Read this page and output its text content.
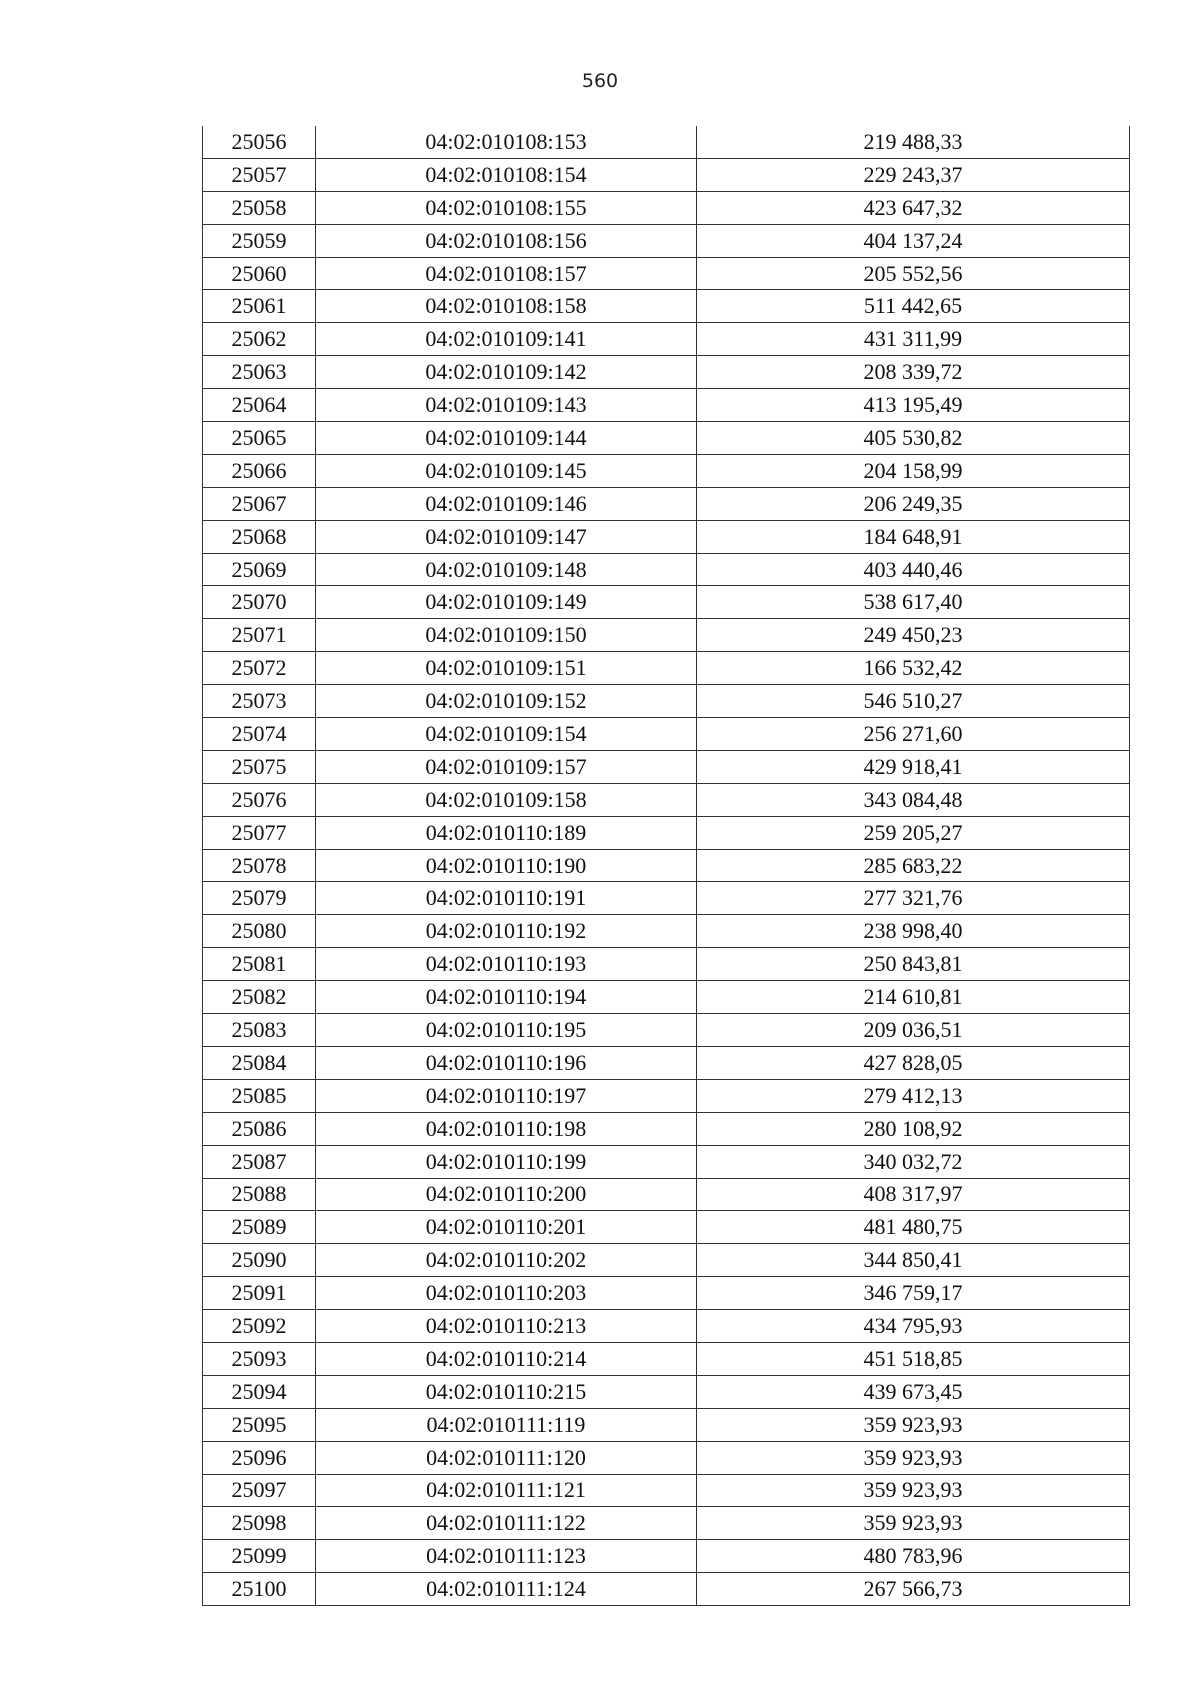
560
25056	04:02:010108:153	219 488,33
25057	04:02:010108:154	229 243,37
25058	04:02:010108:155	423 647,32
25059	04:02:010108:156	404 137,24
25060	04:02:010108:157	205 552,56
25061	04:02:010108:158	511 442,65
25062	04:02:010109:141	431 311,99
25063	04:02:010109:142	208 339,72
25064	04:02:010109:143	413 195,49
25065	04:02:010109:144	405 530,82
25066	04:02:010109:145	204 158,99
25067	04:02:010109:146	206 249,35
25068	04:02:010109:147	184 648,91
25069	04:02:010109:148	403 440,46
25070	04:02:010109:149	538 617,40
25071	04:02:010109:150	249 450,23
25072	04:02:010109:151	166 532,42
25073	04:02:010109:152	546 510,27
25074	04:02:010109:154	256 271,60
25075	04:02:010109:157	429 918,41
25076	04:02:010109:158	343 084,48
25077	04:02:010110:189	259 205,27
25078	04:02:010110:190	285 683,22
25079	04:02:010110:191	277 321,76
25080	04:02:010110:192	238 998,40
25081	04:02:010110:193	250 843,81
25082	04:02:010110:194	214 610,81
25083	04:02:010110:195	209 036,51
25084	04:02:010110:196	427 828,05
25085	04:02:010110:197	279 412,13
25086	04:02:010110:198	280 108,92
25087	04:02:010110:199	340 032,72
25088	04:02:010110:200	408 317,97
25089	04:02:010110:201	481 480,75
25090	04:02:010110:202	344 850,41
25091	04:02:010110:203	346 759,17
25092	04:02:010110:213	434 795,93
25093	04:02:010110:214	451 518,85
25094	04:02:010110:215	439 673,45
25095	04:02:010111:119	359 923,93
25096	04:02:010111:120	359 923,93
25097	04:02:010111:121	359 923,93
25098	04:02:010111:122	359 923,93
25099	04:02:010111:123	480 783,96
25100	04:02:010111:124	267 566,73
